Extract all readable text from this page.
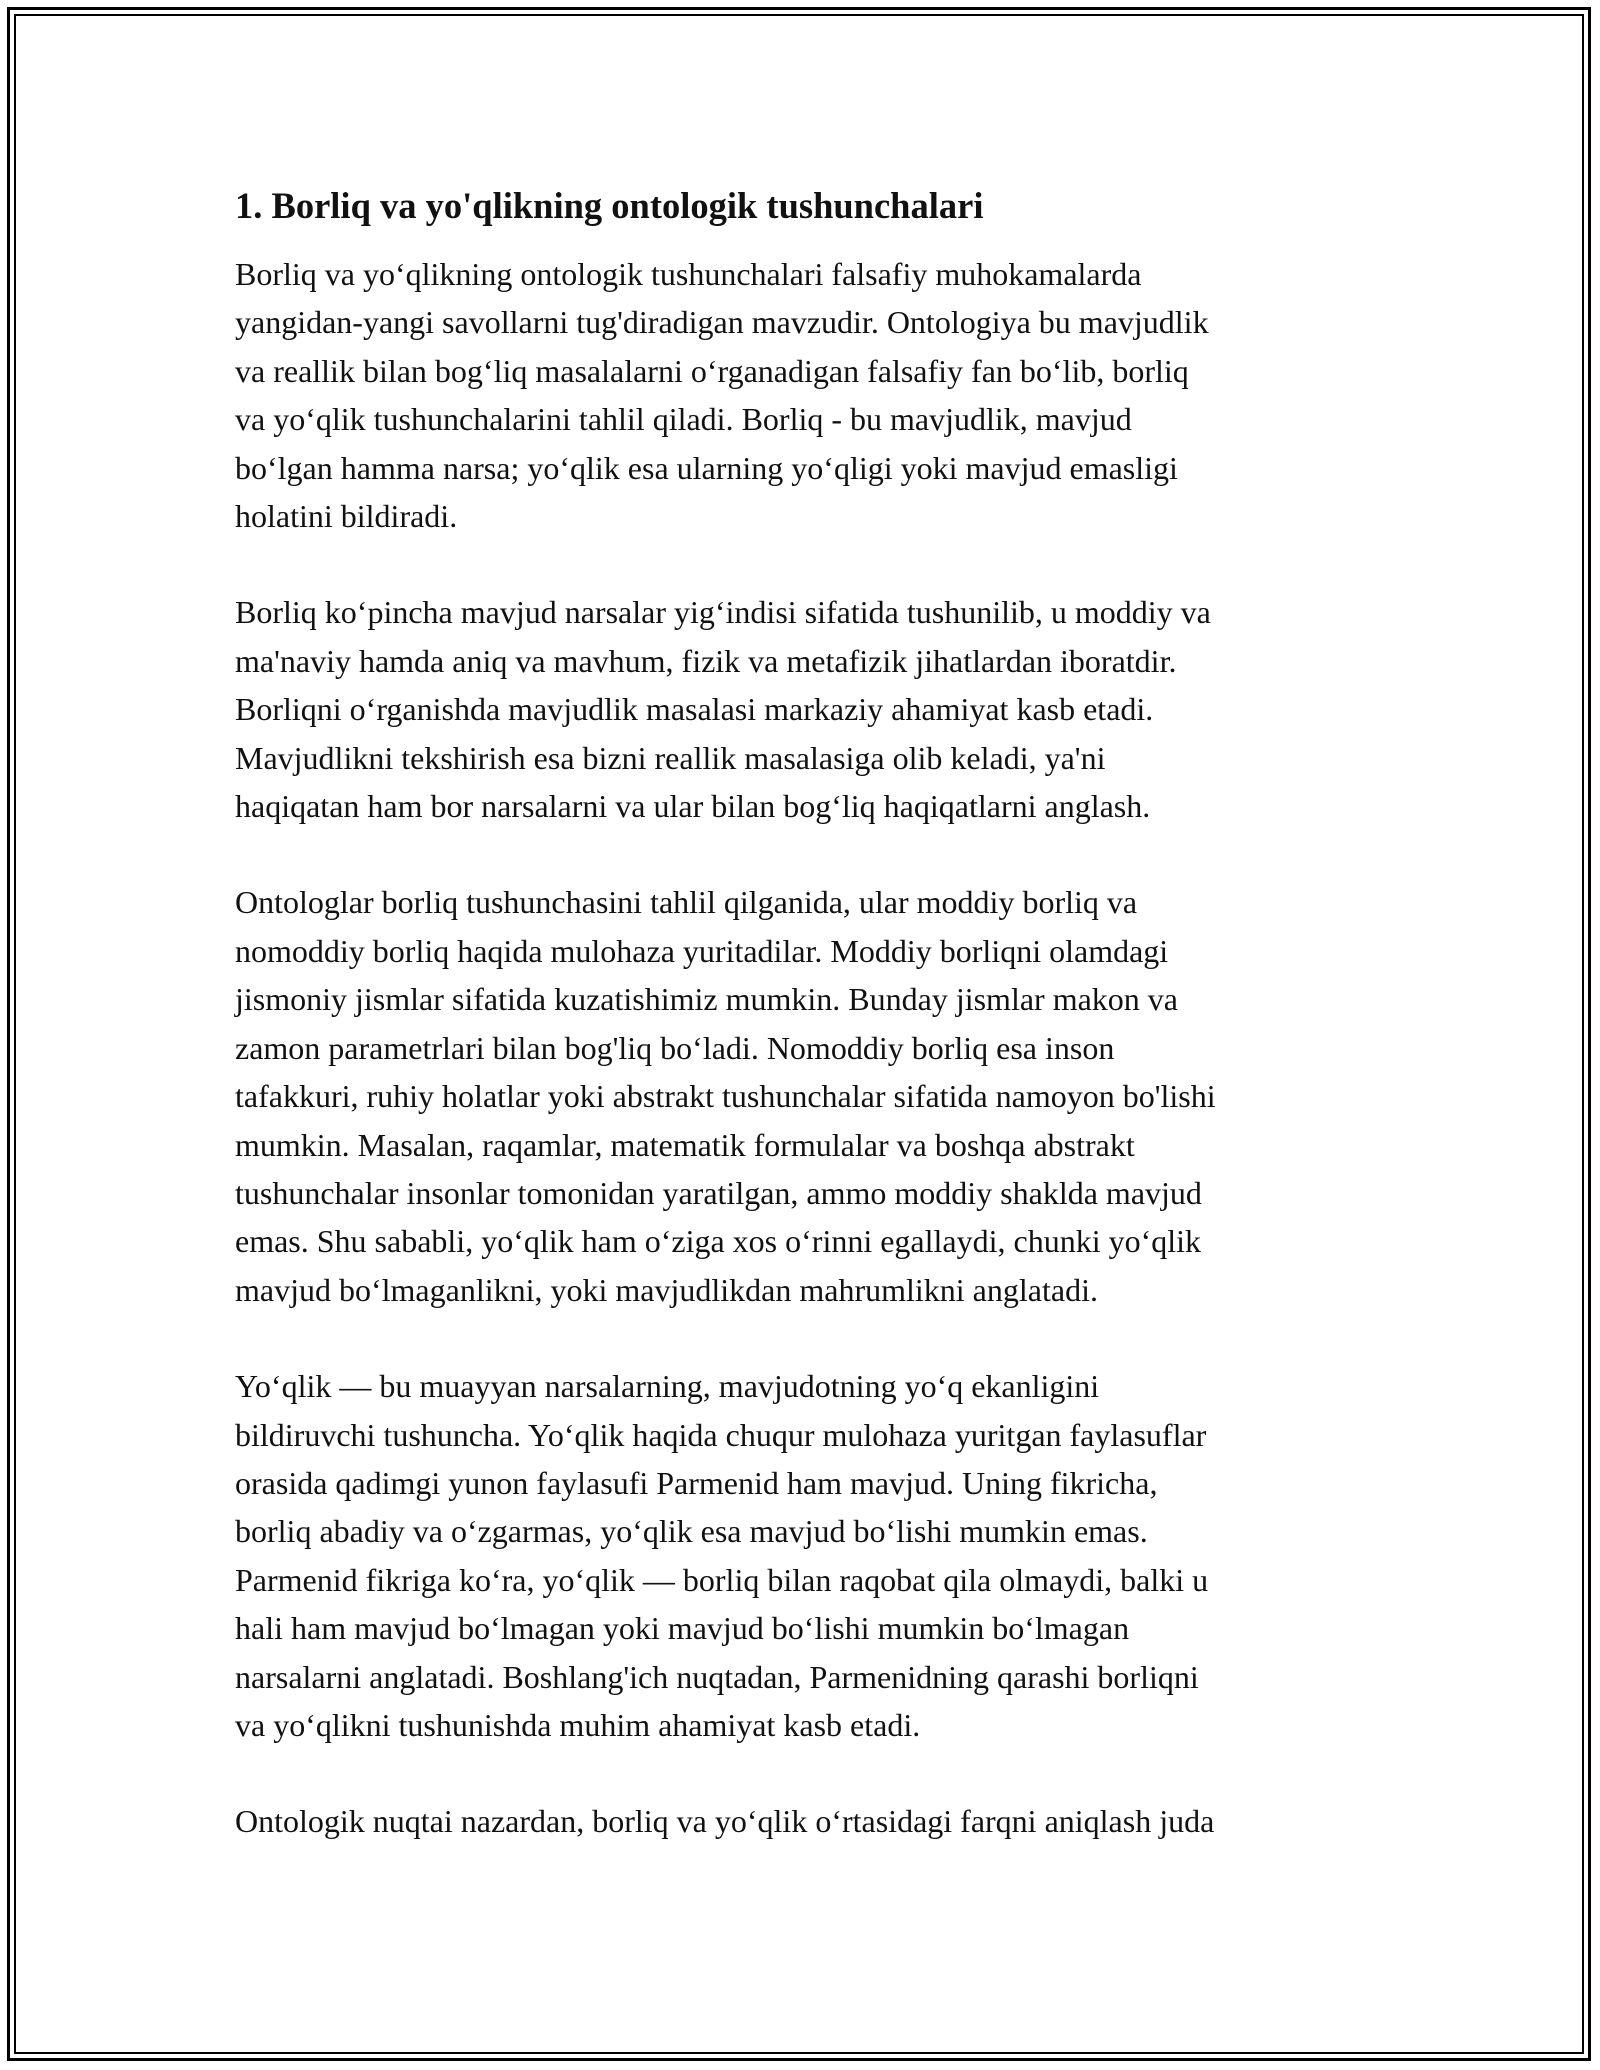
1. Borliq va yo'qlikning ontologik tushunchalari

Borliq va yoʻqlikning ontologik tushunchalari falsafiy muhokamalarda
yangidan-yangi savollarni tug'diradigan mavzudir. Ontologiya bu mavjudlik
va reallik bilan bogʻliq masalalarni oʻrganadigan falsafiy fan boʻlib, borliq
va yoʻqlik tushunchalarini tahlil qiladi. Borliq - bu mavjudlik, mavjud
boʻlgan hamma narsa; yoʻqlik esa ularning yoʻqligi yoki mavjud emasligi
holatini bildiradi.

Borliq koʻpincha mavjud narsalar yigʻindisi sifatida tushunilib, u moddiy va
ma'naviy hamda aniq va mavhum, fizik va metafizik jihatlardan iboratdir.
Borliqni oʻrganishda mavjudlik masalasi markaziy ahamiyat kasb etadi.
Mavjudlikni tekshirish esa bizni reallik masalasiga olib keladi, ya'ni
haqiqatan ham bor narsalarni va ular bilan bogʻliq haqiqatlarni anglash.

Ontologlar borliq tushunchasini tahlil qilganida, ular moddiy borliq va
nomoddiy borliq haqida mulohaza yuritadilar. Moddiy borliqni olamdagi
jismoniy jismlar sifatida kuzatishimiz mumkin. Bunday jismlar makon va
zamon parametrlari bilan bog'liq boʻladi. Nomoddiy borliq esa inson
tafakkuri, ruhiy holatlar yoki abstrakt tushunchalar sifatida namoyon bo'lishi
mumkin. Masalan, raqamlar, matematik formulalar va boshqa abstrakt
tushunchalar insonlar tomonidan yaratilgan, ammo moddiy shaklda mavjud
emas. Shu sababli, yoʻqlik ham oʻziga xos oʻrinni egallaydi, chunki yoʻqlik
mavjud boʻlmaganlikni, yoki mavjudlikdan mahrumlikni anglatadi.

Yoʻqlik — bu muayyan narsalarning, mavjudotning yoʻq ekanligini
bildiruvchi tushuncha. Yoʻqlik haqida chuqur mulohaza yuritgan faylasuflar
orasida qadimgi yunon faylasufi Parmenid ham mavjud. Uning fikricha,
borliq abadiy va oʻzgarmas, yoʻqlik esa mavjud boʻlishi mumkin emas.
Parmenid fikriga koʻra, yoʻqlik — borliq bilan raqobat qila olmaydi, balki u
hali ham mavjud boʻlmagan yoki mavjud boʻlishi mumkin boʻlmagan
narsalarni anglatadi. Boshlang'ich nuqtadan, Parmenidning qarashi borliqni
va yoʻqlikni tushunishda muhim ahamiyat kasb etadi.

Ontologik nuqtai nazardan, borliq va yoʻqlik oʻrtasidagi farqni aniqlash juda
